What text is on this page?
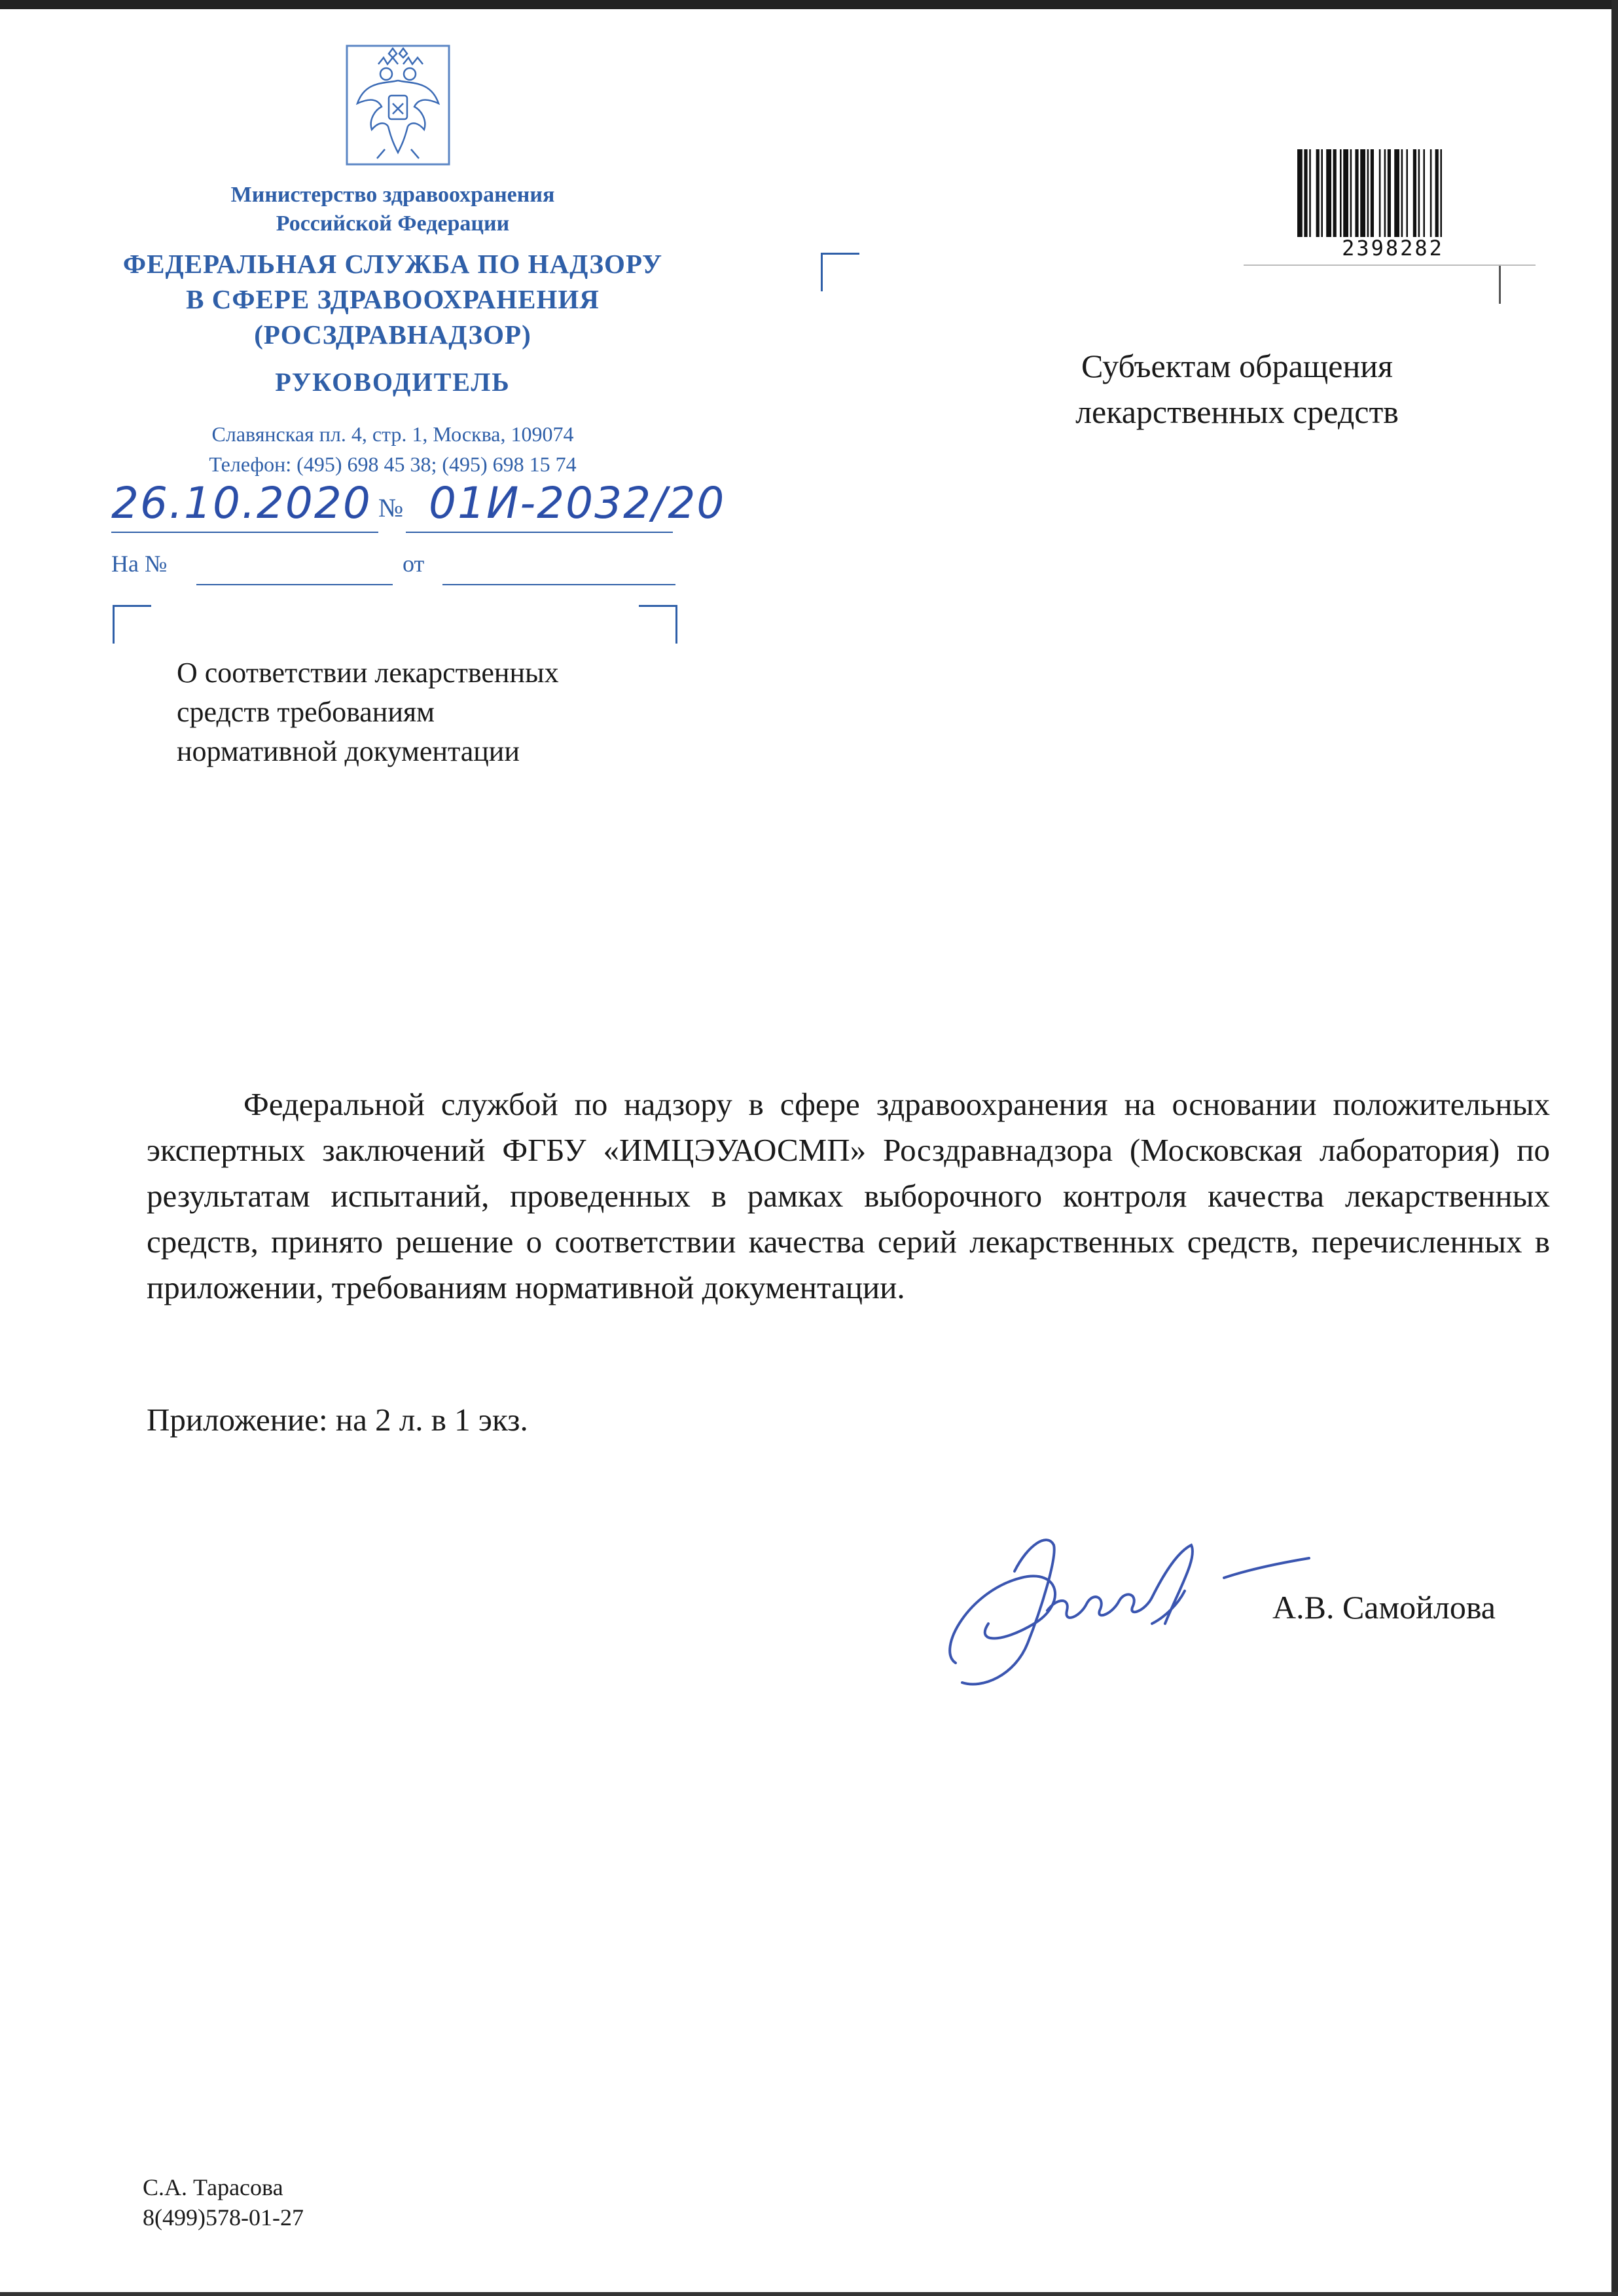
Министерство здравоохранения
Российской Федерации
ФЕДЕРАЛЬНАЯ СЛУЖБА ПО НАДЗОРУ
В СФЕРЕ ЗДРАВООХРАНЕНИЯ
(РОСЗДРАВНАДЗОР)
РУКОВОДИТЕЛЬ
Славянская пл. 4, стр. 1, Москва, 109074
Телефон: (495) 698 45 38; (495) 698 15 74
26.10.2020 № 01И-2032/20
На №	от
О соответствии лекарственных
средств требованиям
нормативной документации
2398282
Субъектам обращения
лекарственных средств
Федеральной службой по надзору в сфере здравоохранения на основании положительных экспертных заключений ФГБУ «ИМЦЭУАОСМП» Росздравнадзора (Московская лаборатория) по результатам испытаний, проведенных в рамках выборочного контроля качества лекарственных средств, принято решение о соответствии качества серий лекарственных средств, перечисленных в приложении, требованиям нормативной документации.
Приложение: на 2 л. в 1 экз.
А.В. Самойлова
С.А. Тарасова
8(499)578-01-27
